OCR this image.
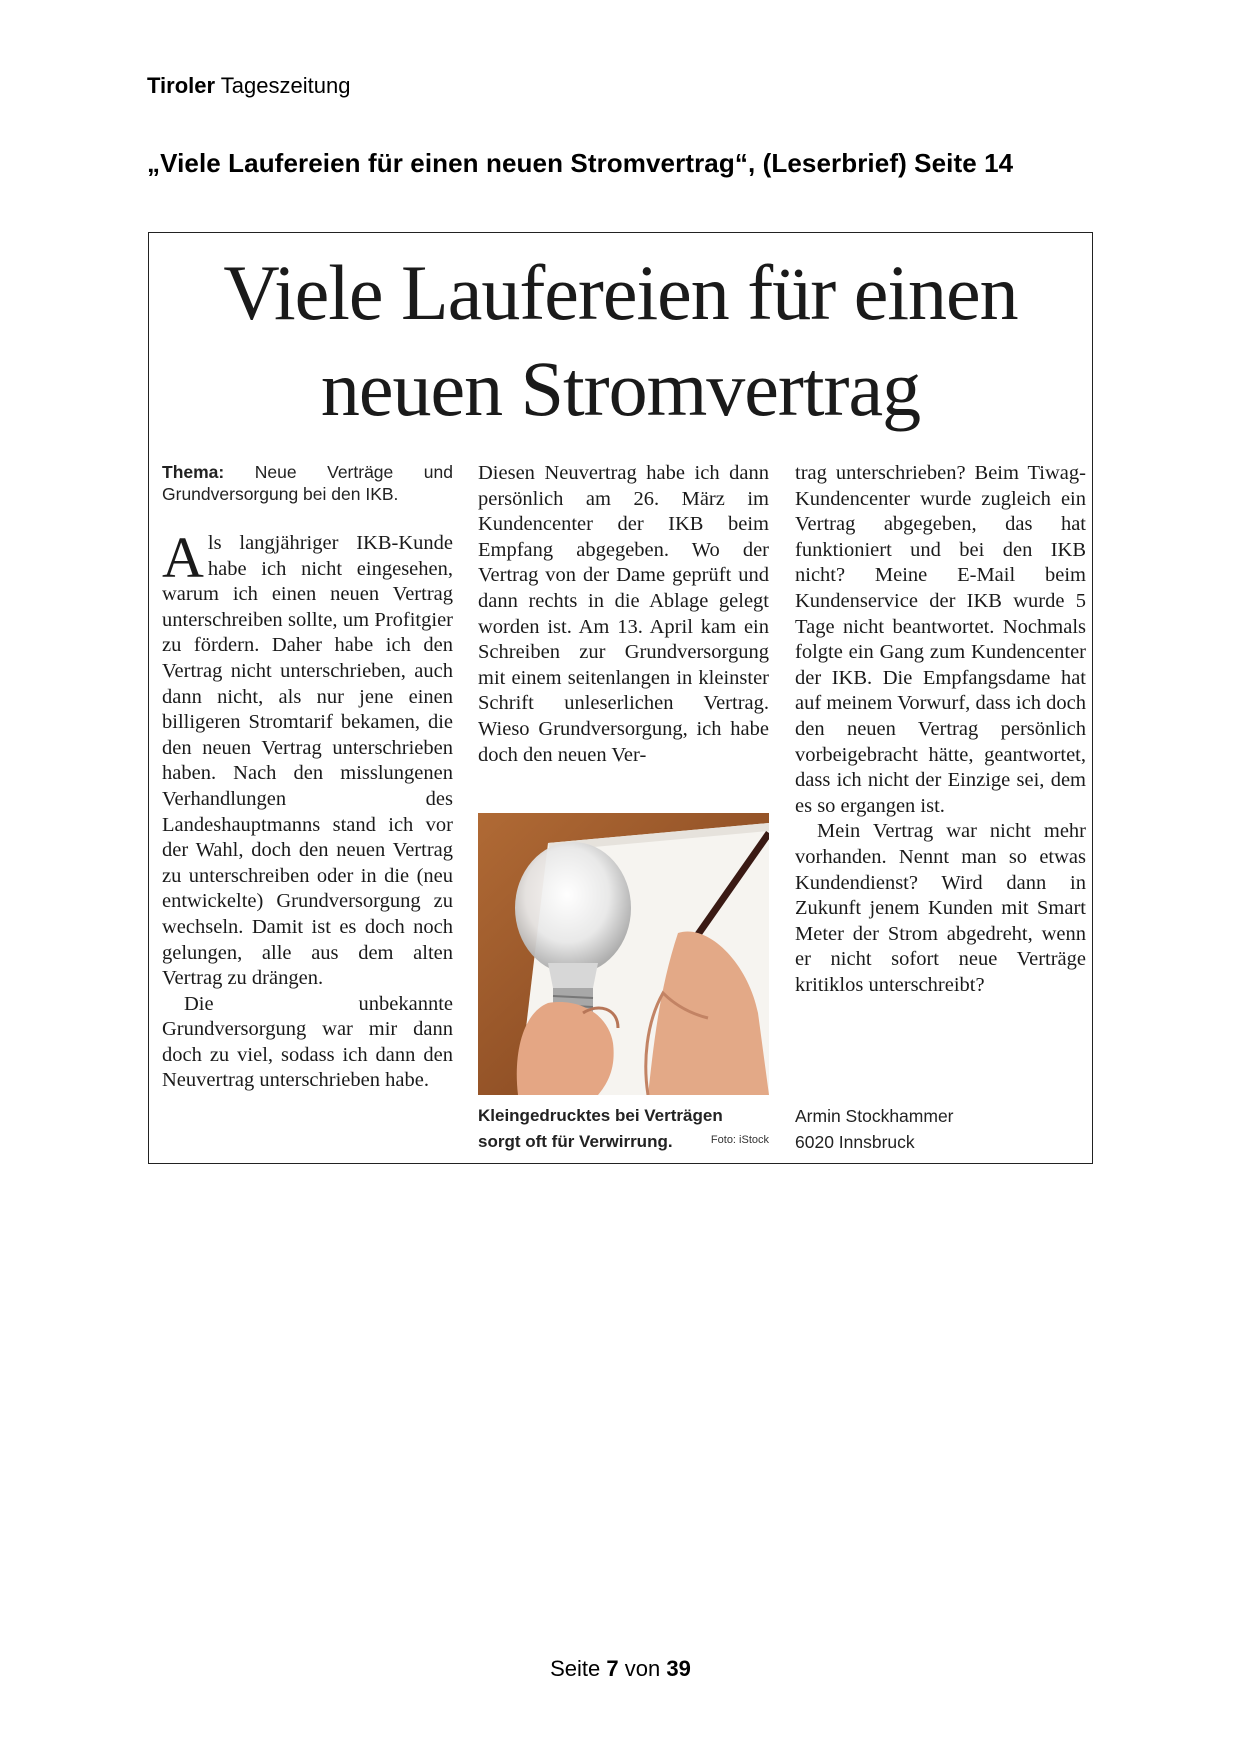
Tiroler Tageszeitung
„Viele Laufereien für einen neuen Stromvertrag“, (Leserbrief) Seite 14
Viele Laufereien für einen
neuen Stromvertrag

Thema: Neue Verträge und Grundversorgung bei den IKB.

Als langjähriger IKB-Kunde habe ich nicht eingesehen, warum ich einen neuen Vertrag unterschreiben sollte, um Profitgier zu fördern. Daher habe ich den Vertrag nicht unterschrieben, auch dann nicht, als nur jene einen billigeren Stromtarif bekamen, die den neuen Vertrag unterschrieben haben. Nach den misslungenen Verhandlungen des Landeshauptmanns stand ich vor der Wahl, doch den neuen Vertrag zu unterschreiben oder in die (neu entwickelte) Grundversorgung zu wechseln. Damit ist es doch noch gelungen, alle aus dem alten Vertrag zu drängen.

Die unbekannte Grundversorgung war mir dann doch zu viel, sodass ich dann den Neuvertrag unterschrieben habe.

Diesen Neuvertrag habe ich dann persönlich am 26. März im Kundencenter der IKB beim Empfang abgegeben. Wo der Vertrag von der Dame geprüft und dann rechts in die Ablage gelegt worden ist. Am 13. April kam ein Schreiben zur Grundversorgung mit einem seitenlangen in kleinster Schrift unleserlichen Vertrag. Wieso Grundversorgung, ich habe doch den neuen Ver-

Kleingedrucktes bei Verträgen sorgt oft für Verwirrung.	Foto: iStock

trag unterschrieben? Beim Tiwag-Kundencenter wurde zugleich ein Vertrag abgegeben, das hat funktioniert und bei den IKB nicht? Meine E-Mail beim Kundenservice der IKB wurde 5 Tage nicht beantwortet. Nochmals folgte ein Gang zum Kundencenter der IKB. Die Empfangsdame hat auf meinem Vorwurf, dass ich doch den neuen Vertrag persönlich vorbeigebracht hätte, geantwortet, dass ich nicht der Einzige sei, dem es so ergangen ist.

Mein Vertrag war nicht mehr vorhanden. Nennt man so etwas Kundendienst? Wird dann in Zukunft jenem Kunden mit Smart Meter der Strom abgedreht, wenn er nicht sofort neue Verträge kritiklos unterschreibt?

Armin Stockhammer
6020 Innsbruck
Seite 7 von 39
